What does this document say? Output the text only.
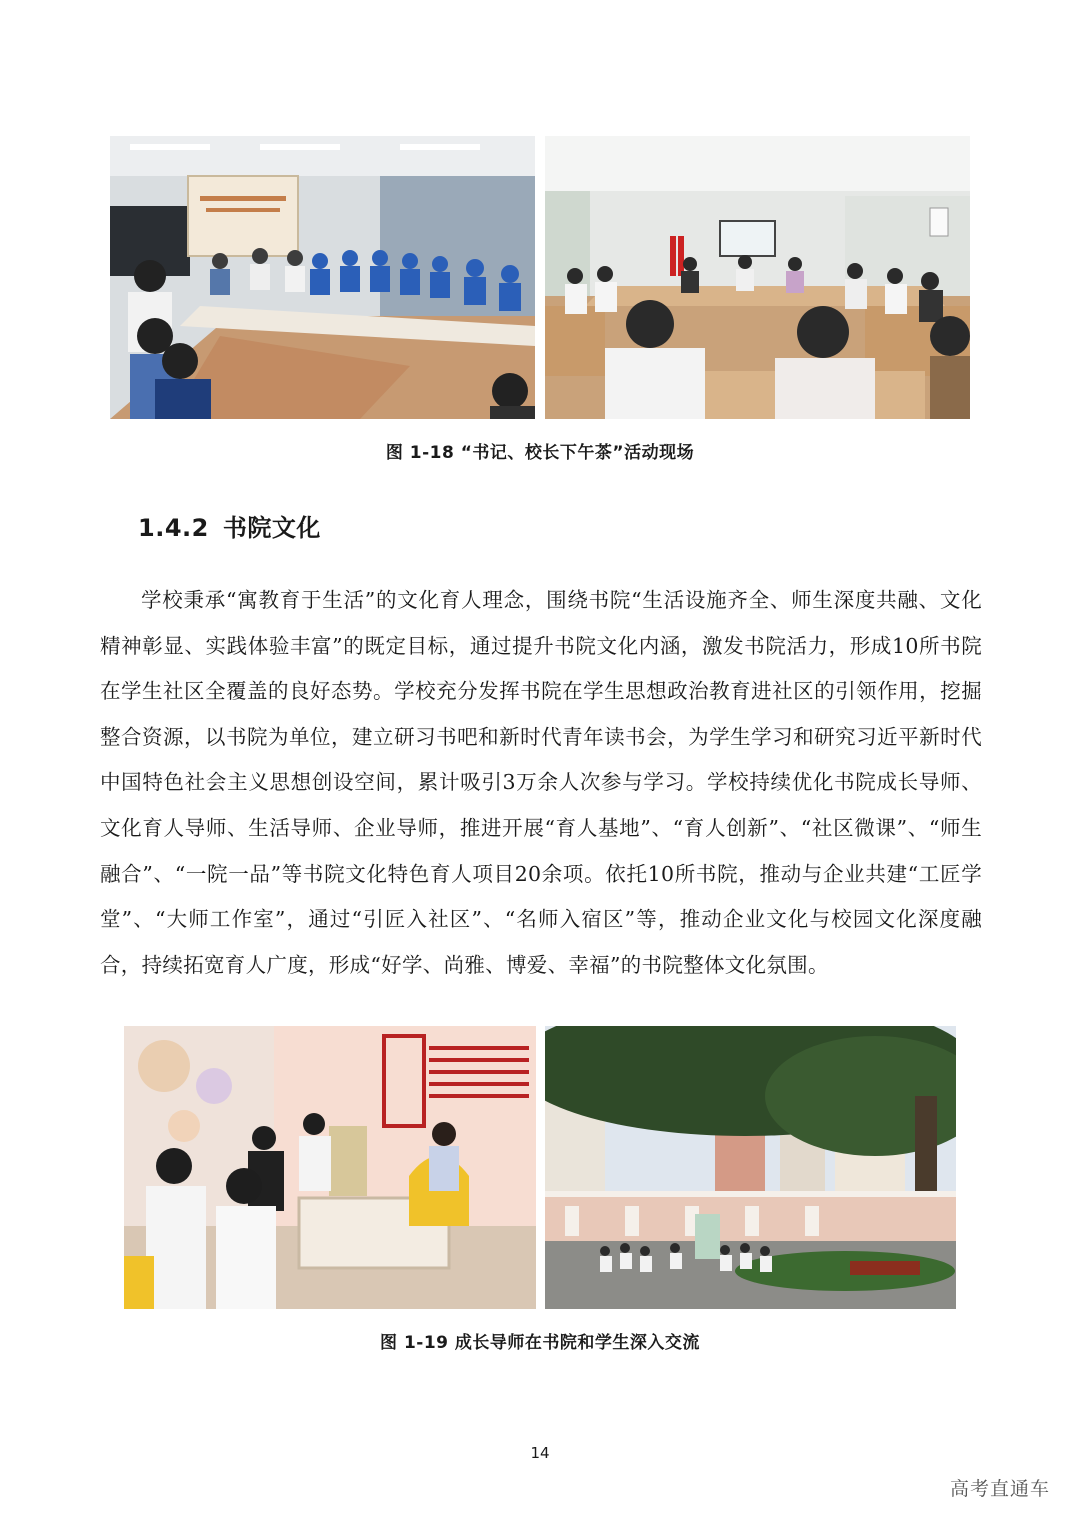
图 1-18 “书记、校长下午茶”活动现场
1.4.2 书院文化

学校秉承“寓教育于生活”的文化育人理念，围绕书院“生活设施齐全、师生深度共融、文化精神彰显、实践体验丰富”的既定目标，通过提升书院文化内涵，激发书院活力，形成10所书院在学生社区全覆盖的良好态势。学校充分发挥书院在学生思想政治教育进社区的引领作用，挖掘整合资源，以书院为单位，建立研习书吧和新时代青年读书会，为学生学习和研究习近平新时代中国特色社会主义思想创设空间，累计吸引3万余人次参与学习。学校持续优化书院成长导师、文化育人导师、生活导师、企业导师，推进开展“育人基地”、“育人创新”、“社区微课”、“师生融合”、“一院一品”等书院文化特色育人项目20余项。依托10所书院，推动与企业共建“工匠学堂”、“大师工作室”，通过“引匠入社区”、“名师入宿区”等，推动企业文化与校园文化深度融合，持续拓宽育人广度，形成“好学、尚雅、博爱、幸福”的书院整体文化氛围。

图 1-19 成长导师在书院和学生深入交流
14
高考直通车
